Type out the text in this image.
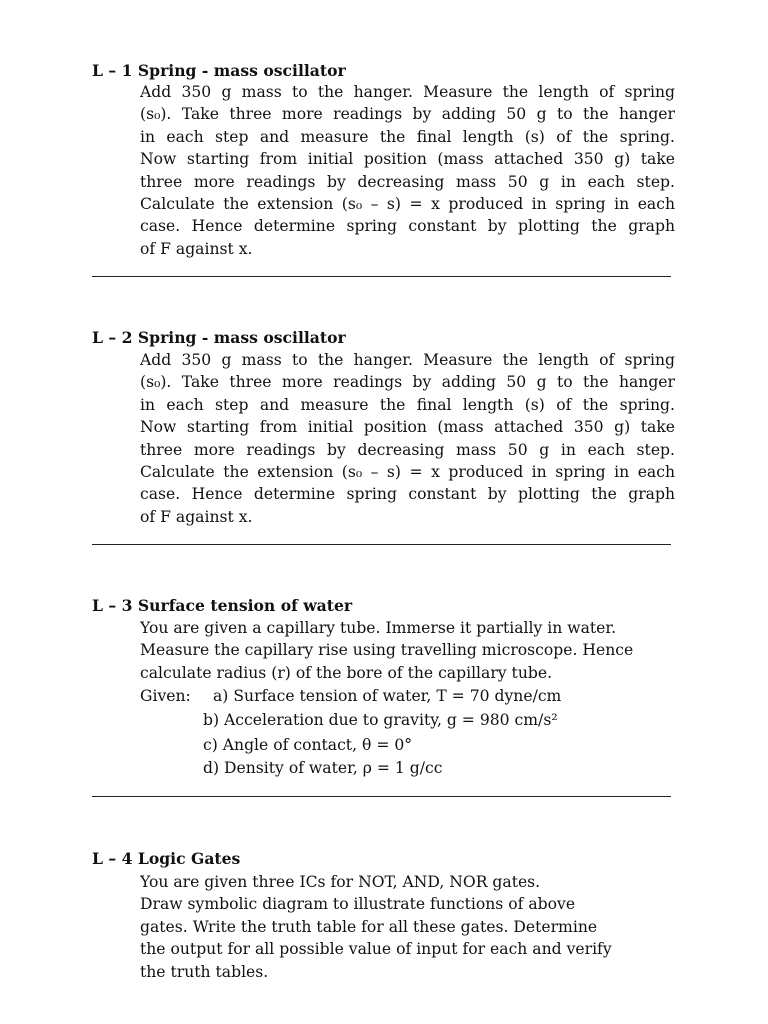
L – 1 Spring - mass oscillator
Add 350 g mass to the hanger. Measure the length of spring
(s₀). Take three more readings by adding 50 g to the hanger
in each step and measure the final length (s) of the spring.
Now starting from initial position (mass attached 350 g) take
three more readings by decreasing mass 50 g in each step.
Calculate the extension (s₀ – s) = x produced in spring in each
case. Hence determine spring constant by plotting the graph
of F against x.
L – 2 Spring - mass oscillator
Add 350 g mass to the hanger. Measure the length of spring
(s₀). Take three more readings by adding 50 g to the hanger
in each step and measure the final length (s) of the spring.
Now starting from initial position (mass attached 350 g) take
three more readings by decreasing mass 50 g in each step.
Calculate the extension (s₀ – s) = x produced in spring in each
case. Hence determine spring constant by plotting the graph
of F against x.
L – 3 Surface tension of water
You are given a capillary tube. Immerse it partially in water.
Measure the capillary rise using travelling microscope. Hence
calculate radius (r) of the bore of the capillary tube.
Given: a) Surface tension of water, T = 70 dyne/cm
b) Acceleration due to gravity, g = 980 cm/s²
c) Angle of contact, θ = 0°
d) Density of water, ρ = 1 g/cc
L – 4 Logic Gates
You are given three ICs for NOT, AND, NOR gates.
Draw symbolic diagram to illustrate functions of above
gates. Write the truth table for all these gates. Determine
the output for all possible value of input for each and verify
the truth tables.
